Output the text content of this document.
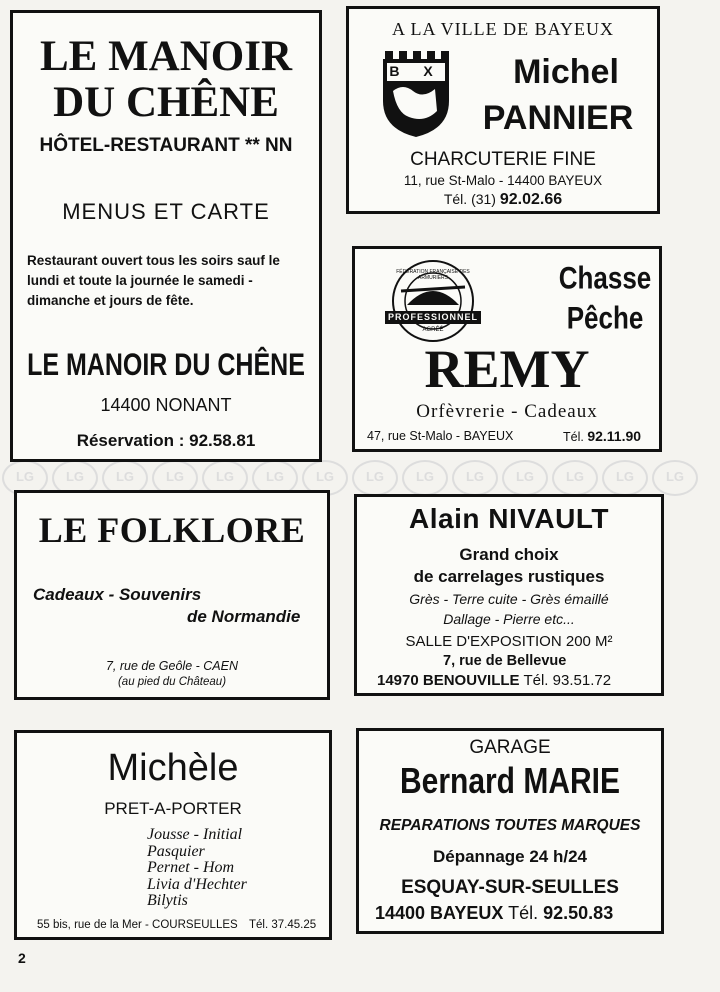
LG LG LG LG LG LG LG LG LG LG LG LG LG LG
LE MANOIR
DU CHÊNE
HÔTEL-RESTAURANT ** NN
MENUS ET CARTE
Restaurant ouvert tous les soirs sauf le
lundi et toute la journée le samedi -
dimanche et jours de fête.
LE MANOIR DU CHÊNE
14400 NONANT
Réservation : 92.58.81
A LA VILLE DE BAYEUX
B X	Michel
PANNIER
CHARCUTERIE FINE
11, rue St-Malo - 14400 BAYEUX
Tél. (31) 92.02.66
FÉDÉRATION FRANÇAISE DES ARMURIERS
PROFESSIONNEL
AGRÉÉ
Chasse
Pêche
REMY
Orfèvrerie - Cadeaux
47, rue St-Malo - BAYEUX	Tél. 92.11.90
LE FOLKLORE
Cadeaux - Souvenirs
de Normandie
7, rue de Geôle - CAEN
(au pied du Château)
Alain NIVAULT
Grand choix
de carrelages rustiques
Grès - Terre cuite - Grès émaillé
Dallage - Pierre etc...
SALLE D'EXPOSITION 200 M²
7, rue de Bellevue
14970 BENOUVILLE Tél. 93.51.72
Michèle
PRET-A-PORTER
Jousse - Initial
Pasquier
Pernet - Hom
Livia d'Hechter
Bilytis
55 bis, rue de la Mer - COURSEULLES Tél. 37.45.25
GARAGE
Bernard MARIE
REPARATIONS TOUTES MARQUES
Dépannage 24 h/24
ESQUAY-SUR-SEULLES
14400 BAYEUX Tél. 92.50.83
2
